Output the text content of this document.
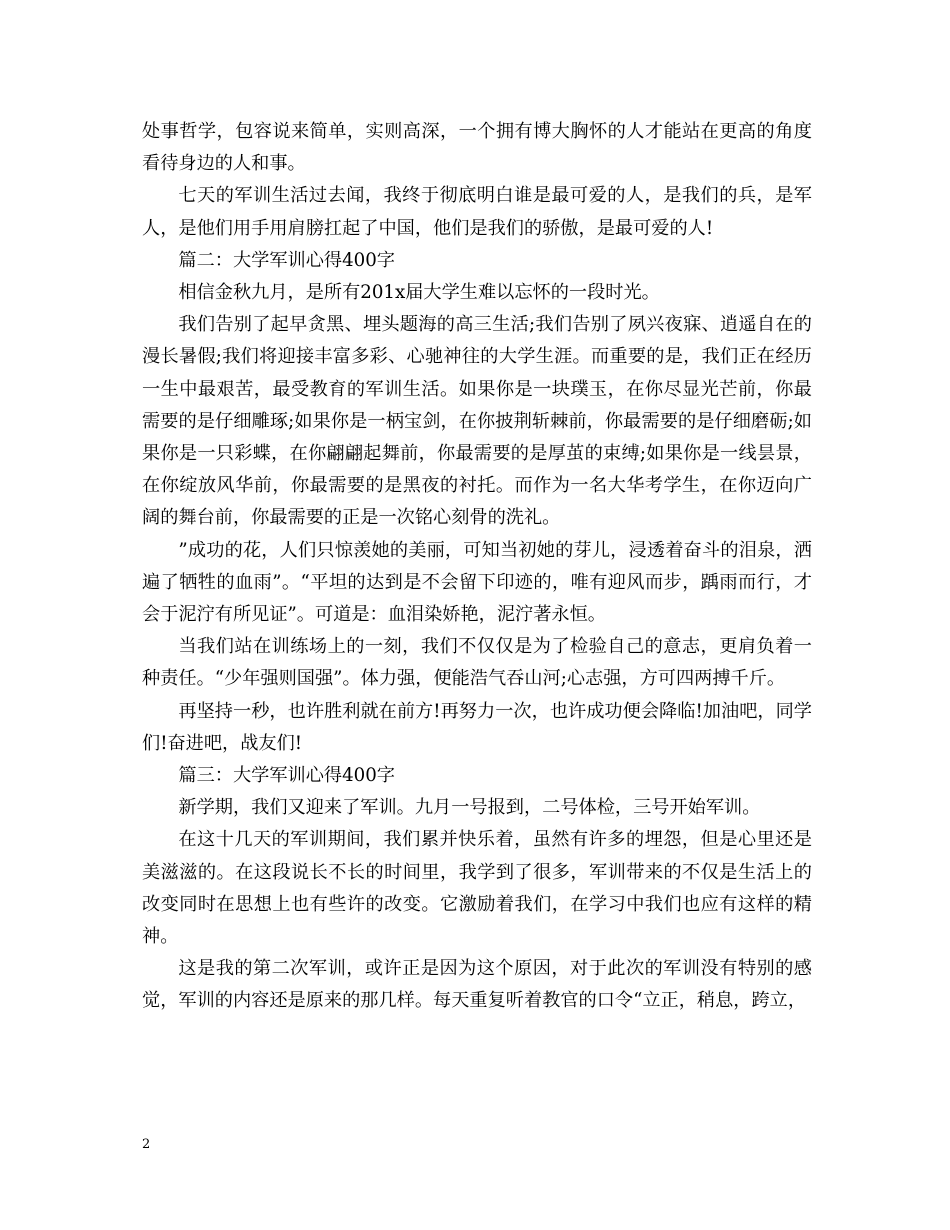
处事哲学，包容说来简单，实则高深，一个拥有博大胸怀的人才能站在更高的角度看待身边的人和事。

七天的军训生活过去闻，我终于彻底明白谁是最可爱的人，是我们的兵，是军人，是他们用手用肩膀扛起了中国，他们是我们的骄傲，是最可爱的人!

篇二：大学军训心得400字

相信金秋九月，是所有201x届大学生难以忘怀的一段时光。

我们告别了起早贪黑、埋头题海的高三生活;我们告别了夙兴夜寐、逍遥自在的漫长暑假;我们将迎接丰富多彩、心驰神往的大学生涯。而重要的是，我们正在经历一生中最艰苦，最受教育的军训生活。如果你是一块璞玉，在你尽显光芒前，你最需要的是仔细雕琢;如果你是一柄宝剑，在你披荆斩棘前，你最需要的是仔细磨砺;如果你是一只彩蝶，在你翩翩起舞前，你最需要的是厚茧的束缚;如果你是一线昙景，在你绽放风华前，你最需要的是黑夜的衬托。而作为一名大华考学生，在你迈向广阔的舞台前，你最需要的正是一次铭心刻骨的洗礼。

”成功的花，人们只惊羡她的美丽，可知当初她的芽儿，浸透着奋斗的泪泉，洒遍了牺牲的血雨”。“平坦的达到是不会留下印迹的，唯有迎风而步，踽雨而行，才会于泥泞有所见证”。可道是：血泪染娇艳，泥泞著永恒。

当我们站在训练场上的一刻，我们不仅仅是为了检验自己的意志，更肩负着一种责任。“少年强则国强”。体力强，便能浩气吞山河;心志强，方可四两搏千斤。

再坚持一秒，也许胜利就在前方!再努力一次，也许成功便会降临!加油吧，同学们!奋进吧，战友们!

篇三：大学军训心得400字

新学期，我们又迎来了军训。九月一号报到，二号体检，三号开始军训。

在这十几天的军训期间，我们累并快乐着，虽然有许多的埋怨，但是心里还是美滋滋的。在这段说长不长的时间里，我学到了很多，军训带来的不仅是生活上的改变同时在思想上也有些许的改变。它激励着我们，在学习中我们也应有这样的精神。

这是我的第二次军训，或许正是因为这个原因，对于此次的军训没有特别的感觉，军训的内容还是原来的那几样。每天重复听着教官的口令“立正，稍息，跨立，

2
